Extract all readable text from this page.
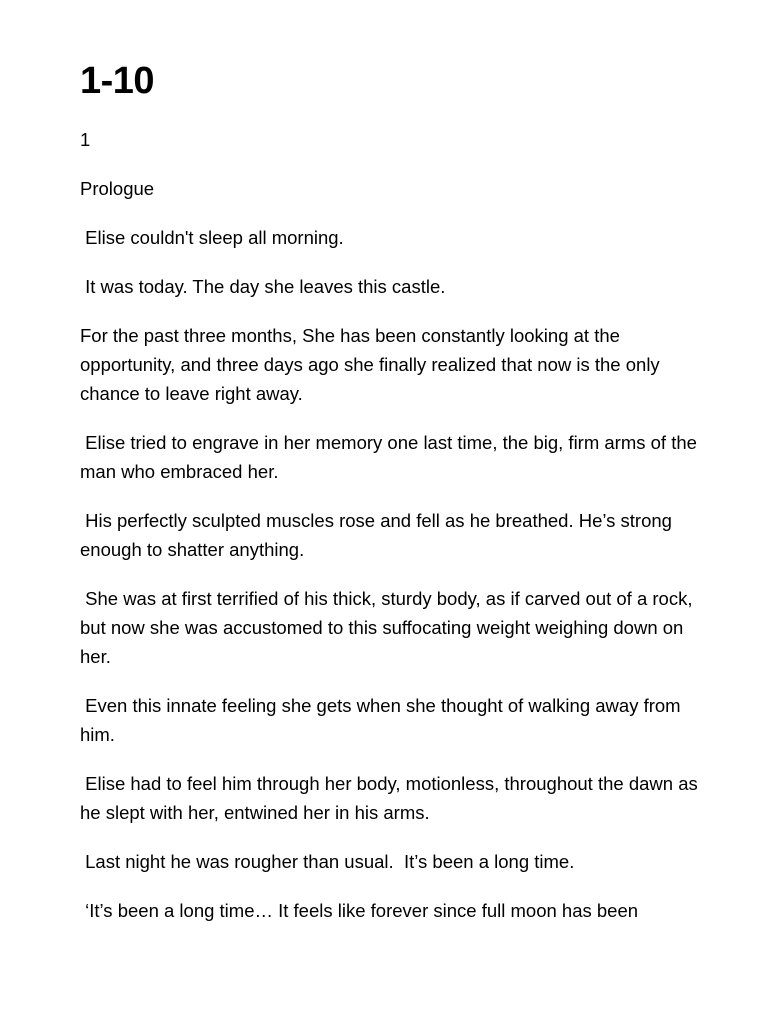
1-10

1

Prologue

Elise couldn't sleep all morning.

It was today. The day she leaves this castle.

For the past three months, She has been constantly looking at the opportunity, and three days ago she finally realized that now is the only chance to leave right away.

Elise tried to engrave in her memory one last time, the big, firm arms of the man who embraced her.

His perfectly sculpted muscles rose and fell as he breathed. He’s strong enough to shatter anything.

She was at first terrified of his thick, sturdy body, as if carved out of a rock, but now she was accustomed to this suffocating weight weighing down on her.

Even this innate feeling she gets when she thought of walking away from him.

Elise had to feel him through her body, motionless, throughout the dawn as he slept with her, entwined her in his arms.

Last night he was rougher than usual.  It’s been a long time.

‘It’s been a long time… It feels like forever since full moon has been
